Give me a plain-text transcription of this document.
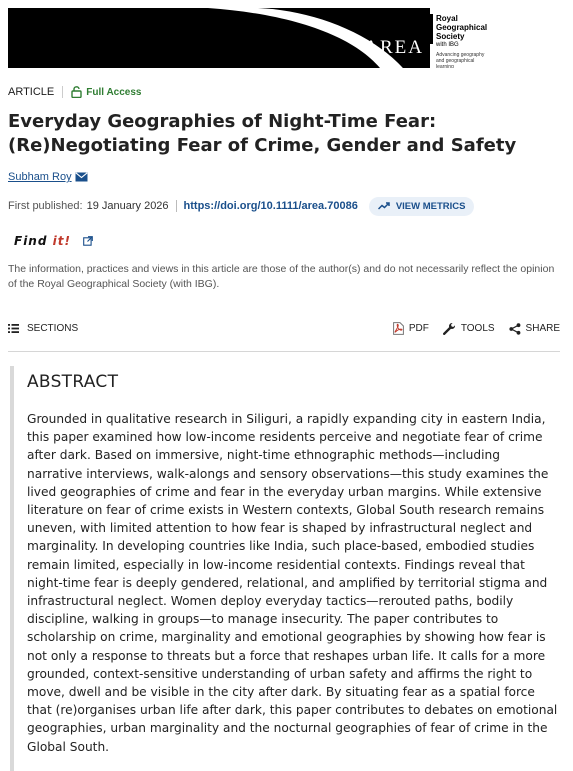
AREA
Royal
Geographical
Society
with IBG
Advancing geography and geographical learning
ARTICLE	Full Access
Everyday Geographies of Night-Time Fear: (Re)Negotiating Fear of Crime, Gender and Safety
Subham Roy
First published: 19 January 2026 https://doi.org/10.1111/area.70086	VIEW METRICS
Find it!
The information, practices and views in this article are those of the author(s) and do not necessarily reflect the opinion of the Royal Geographical Society (with IBG).
SECTIONS	PDF	TOOLS	SHARE
ABSTRACT

Grounded in qualitative research in Siliguri, a rapidly expanding city in eastern India, this paper examined how low-income residents perceive and negotiate fear of crime after dark. Based on immersive, night-time ethnographic methods—including narrative interviews, walk-alongs and sensory observations—this study examines the lived geographies of crime and fear in the everyday urban margins. While extensive literature on fear of crime exists in Western contexts, Global South research remains uneven, with limited attention to how fear is shaped by infrastructural neglect and marginality. In developing countries like India, such place-based, embodied studies remain limited, especially in low-income residential contexts. Findings reveal that night-time fear is deeply gendered, relational, and amplified by territorial stigma and infrastructural neglect. Women deploy everyday tactics—rerouted paths, bodily discipline, walking in groups—to manage insecurity. The paper contributes to scholarship on crime, marginality and emotional geographies by showing how fear is not only a response to threats but a force that reshapes urban life. It calls for a more grounded, context-sensitive understanding of urban safety and affirms the right to move, dwell and be visible in the city after dark. By situating fear as a spatial force that (re)organises urban life after dark, this paper contributes to debates on emotional geographies, urban marginality and the nocturnal geographies of fear of crime in the Global South.
